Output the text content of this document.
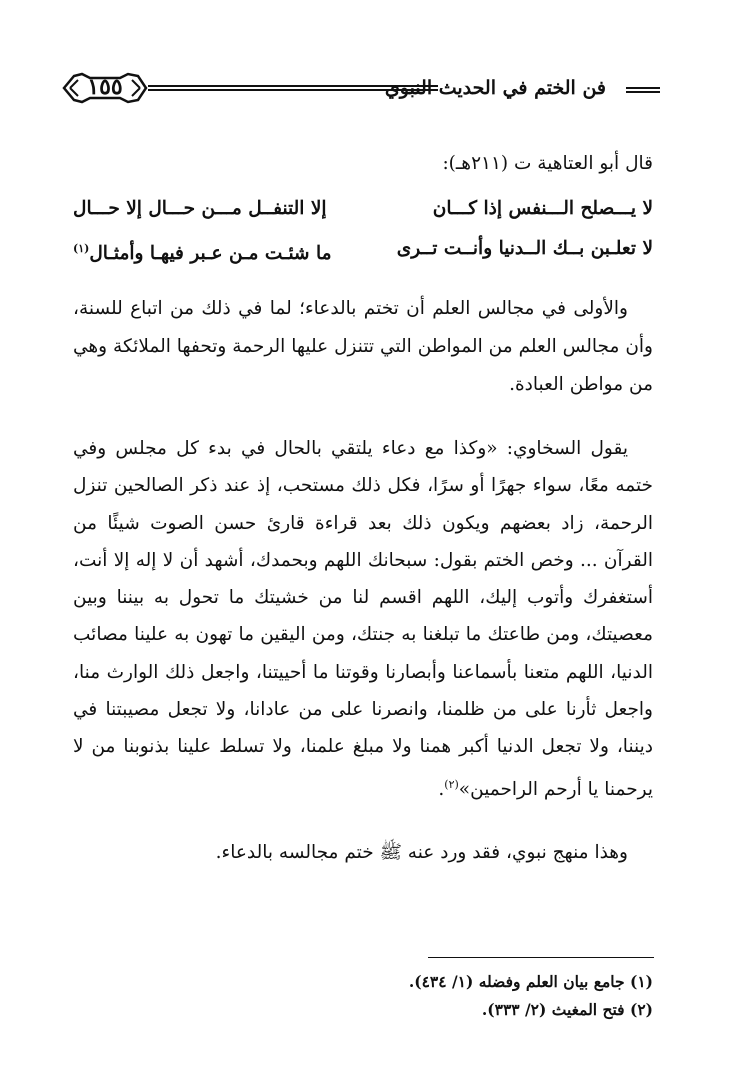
١٥٥	فن الختم في الحديث النبوي
قال أبو العتاهية ت (٢١١هـ):
لا يـــصلح الـــنفس إذا كـــان
إلا التنفــل مـــن حـــال إلا حـــال
لا تعلـبن بــك الــدنيا وأنــت تــرى
ما شئـت مـن عـبر فيهـا وأمثـال$^{(١)}$

والأولى في مجالس العلم أن تختم بالدعاء؛ لما في ذلك من اتباع للسنة، وأن مجالس العلم من المواطن التي تتنزل عليها الرحمة وتحفها الملائكة وهي من مواطن العبادة.

يقول السخاوي: «وكذا مع دعاء يلتقي بالحال في بدء كل مجلس وفي ختمه معًا، سواء جهرًا أو سرًا، فكل ذلك مستحب، إذ عند ذكر الصالحين تنزل الرحمة، زاد بعضهم ويكون ذلك بعد قراءة قارئ حسن الصوت شيئًا من القرآن ... وخص الختم بقول: سبحانك اللهم وبحمدك، أشهد أن لا إله إلا أنت، أستغفرك وأتوب إليك، اللهم اقسم لنا من خشيتك ما تحول به بيننا وبين معصيتك، ومن طاعتك ما تبلغنا به جنتك، ومن اليقين ما تهون به علينا مصائب الدنيا، اللهم متعنا بأسماعنا وأبصارنا وقوتنا ما أحييتنا، واجعل ذلك الوارث منا، واجعل ثأرنا على من ظلمنا، وانصرنا على من عادانا، ولا تجعل مصيبتنا في ديننا، ولا تجعل الدنيا أكبر همنا ولا مبلغ علمنا، ولا تسلط علينا بذنوبنا من لا يرحمنا يا أرحم الراحمين»$^{(٢)}$.

وهذا منهج نبوي، فقد ورد عنه ﷺ ختم مجالسه بالدعاء.

(١) جامع بيان العلم وفضله (١/ ٤٣٤).
(٢) فتح المغيث (٢/ ٣٣٣).
